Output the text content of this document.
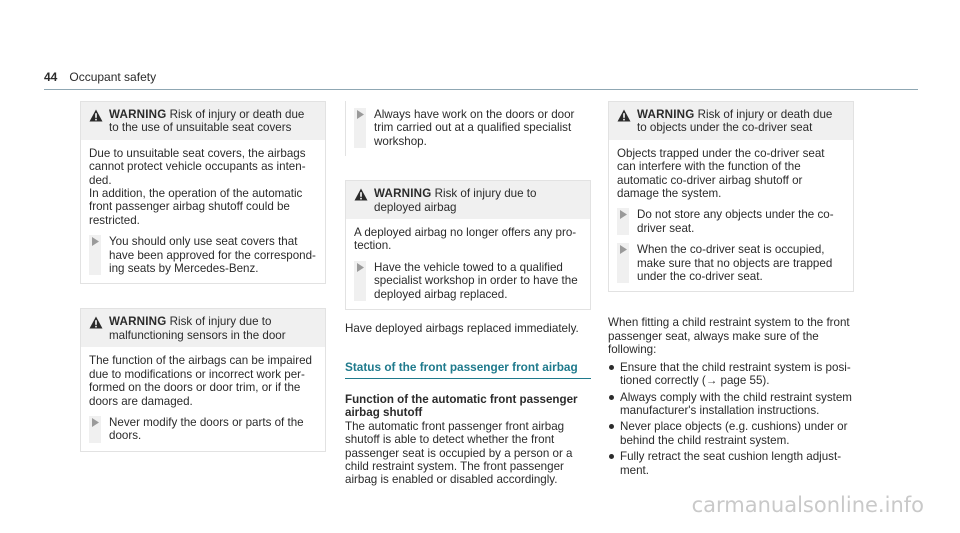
44 Occupant safety
WARNING Risk of injury or death due to the use of unsuitable seat covers

Due to unsuitable seat covers, the airbags cannot protect vehicle occupants as intended.

In addition, the operation of the automatic front passenger airbag shutoff could be restricted.

You should only use seat covers that have been approved for the corresponding seats by Mercedes-Benz.
WARNING Risk of injury due to malfunctioning sensors in the door

The function of the airbags can be impaired due to modifications or incorrect work performed on the doors or door trim, or if the doors are damaged.

Never modify the doors or parts of the doors.
Always have work on the doors or door trim carried out at a qualified specialist workshop.
WARNING Risk of injury due to deployed airbag

A deployed airbag no longer offers any protection.

Have the vehicle towed to a qualified specialist workshop in order to have the deployed airbag replaced.

Have deployed airbags replaced immediately.

Status of the front passenger front airbag
Function of the automatic front passenger airbag shutoff

The automatic front passenger front airbag shutoff is able to detect whether the front passenger seat is occupied by a person or a child restraint system. The front passenger airbag is enabled or disabled accordingly.

WARNING Risk of injury or death due to objects under the co-driver seat

Objects trapped under the co-driver seat can interfere with the function of the automatic co-driver airbag shutoff or damage the system.

Do not store any objects under the co-driver seat.
When the co-driver seat is occupied, make sure that no objects are trapped under the co-driver seat.

When fitting a child restraint system to the front passenger seat, always make sure of the following:

Ensure that the child restraint system is positioned correctly (→ page 55).
Always comply with the child restraint system manufacturer's installation instructions.
Never place objects (e.g. cushions) under or behind the child restraint system.
Fully retract the seat cushion length adjustment.
carmanualsonline.info
